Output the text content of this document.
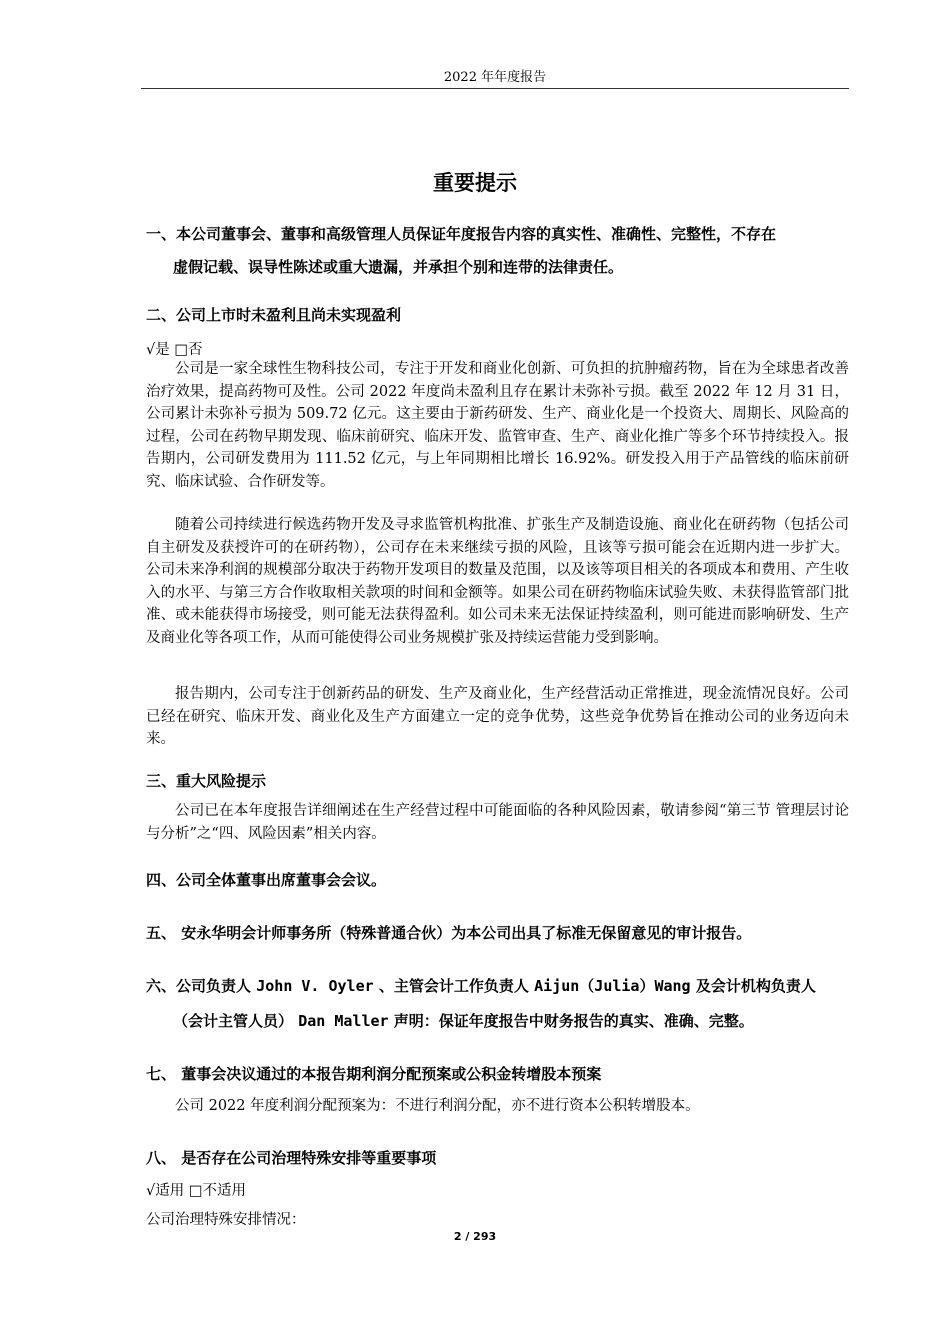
2022 年年度报告
重要提示
一、本公司董事会、董事和高级管理人员保证年度报告内容的真实性、准确性、完整性，不存在
虚假记载、误导性陈述或重大遗漏，并承担个别和连带的法律责任。
二、公司上市时未盈利且尚未实现盈利
√是 □否
公司是一家全球性生物科技公司，专注于开发和商业化创新、可负担的抗肿瘤药物，旨在为全球患者改善治疗效果，提高药物可及性。公司 2022 年度尚未盈利且存在累计未弥补亏损。截至 2022 年 12 月 31 日，公司累计未弥补亏损为 509.72 亿元。这主要由于新药研发、生产、商业化是一个投资大、周期长、风险高的过程，公司在药物早期发现、临床前研究、临床开发、监管审查、生产、商业化推广等多个环节持续投入。报告期内，公司研发费用为 111.52 亿元，与上年同期相比增长 16.92%。研发投入用于产品管线的临床前研究、临床试验、合作研发等。
随着公司持续进行候选药物开发及寻求监管机构批准、扩张生产及制造设施、商业化在研药物（包括公司自主研发及获授许可的在研药物），公司存在未来继续亏损的风险，且该等亏损可能会在近期内进一步扩大。公司未来净利润的规模部分取决于药物开发项目的数量及范围，以及该等项目相关的各项成本和费用、产生收入的水平、与第三方合作收取相关款项的时间和金额等。如果公司在研药物临床试验失败、未获得监管部门批准、或未能获得市场接受，则可能无法获得盈利。如公司未来无法保证持续盈利，则可能进而影响研发、生产及商业化等各项工作，从而可能使得公司业务规模扩张及持续运营能力受到影响。
报告期内，公司专注于创新药品的研发、生产及商业化，生产经营活动正常推进，现金流情况良好。公司已经在研究、临床开发、商业化及生产方面建立一定的竞争优势，这些竞争优势旨在推动公司的业务迈向未来。
三、重大风险提示
公司已在本年度报告详细阐述在生产经营过程中可能面临的各种风险因素，敬请参阅“第三节 管理层讨论与分析”之“四、风险因素”相关内容。
四、公司全体董事出席董事会会议。
五、 安永华明会计师事务所（特殊普通合伙）为本公司出具了标准无保留意见的审计报告。
六、公司负责人 John V. Oyler 、主管会计工作负责人 Aijun（Julia）Wang 及会计机构负责人
（会计主管人员） Dan Maller 声明：保证年度报告中财务报告的真实、准确、完整。
七、 董事会决议通过的本报告期利润分配预案或公积金转增股本预案
公司 2022 年度利润分配预案为：不进行利润分配，亦不进行资本公积转增股本。
八、 是否存在公司治理特殊安排等重要事项
√适用 □不适用
公司治理特殊安排情况：
2 / 293
